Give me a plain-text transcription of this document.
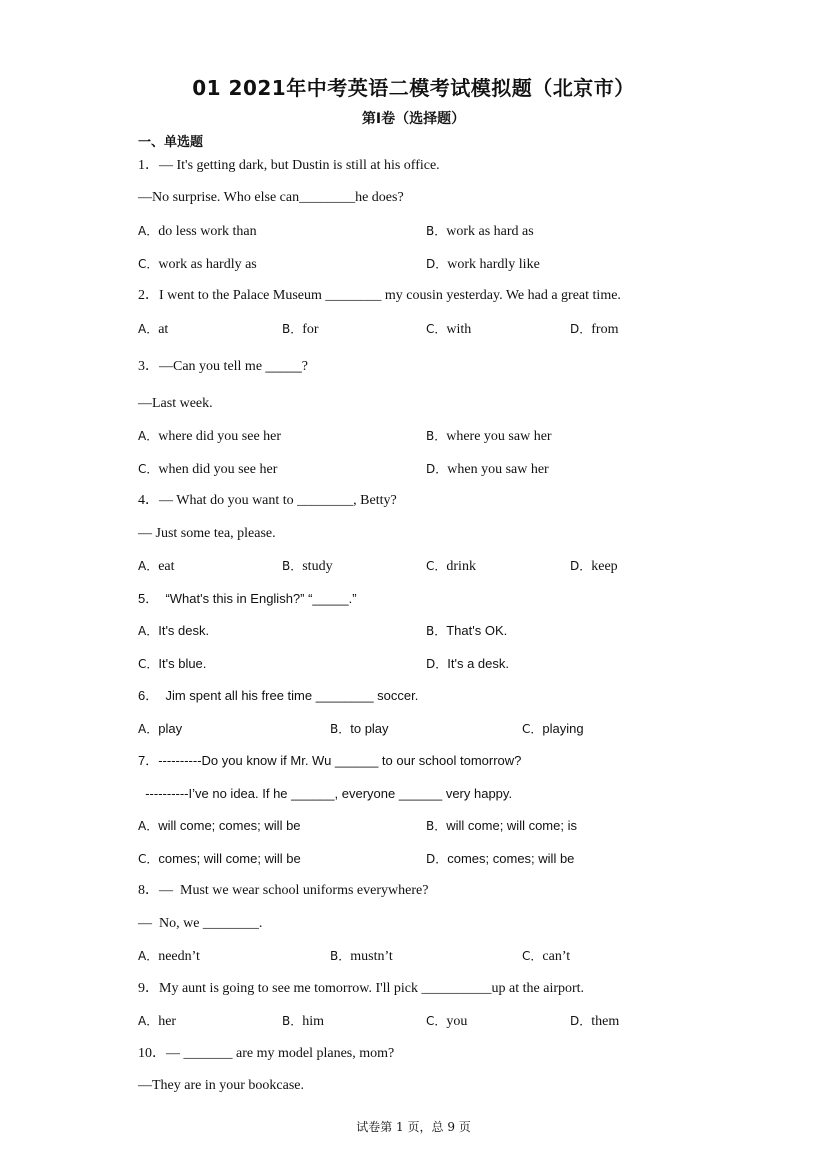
01 2021年中考英语二模考试模拟题（北京市）
第I卷（选择题）
一、单选题
1．— It's getting dark, but Dustin is still at his office.
—No surprise. Who else can________he does?
A．do less work than	B．work as hard as
C．work as hardly as	D．work hardly like
2．I went to the Palace Museum ________ my cousin yesterday. We had a great time.
A．at	B．for	C．with	D．from
3．—Can you tell me _____?
—Last week.
A．where did you see her	B．where you saw her
C．when did you see her	D．when you saw her
4．— What do you want to ________, Betty?
— Just some tea, please.
A．eat	B．study	C．drink	D．keep
5．  “What's this in English?” “_____.”
A．It's desk.	B．That's OK.
C．It's blue.	D．It's a desk.
6．  Jim spent all his free time ________ soccer.
A．play	B．to play	C．playing
7．----------Do you know if Mr. Wu ______ to our school tomorrow?
----------I’ve no idea. If he ______, everyone ______ very happy.
A．will come; comes; will be	B．will come; will come; is
C．comes; will come; will be	D．comes; comes; will be
8．—  Must we wear school uniforms everywhere?
—  No, we ________.
A．needn’t	B．mustn’t	C．can’t
9．My aunt is going to see me tomorrow. I'll pick __________up at the airport.
A．her	B．him	C．you	D．them
10．— _______ are my model planes, mom?
—They are in your bookcase.
试卷第 1 页，总 9 页
